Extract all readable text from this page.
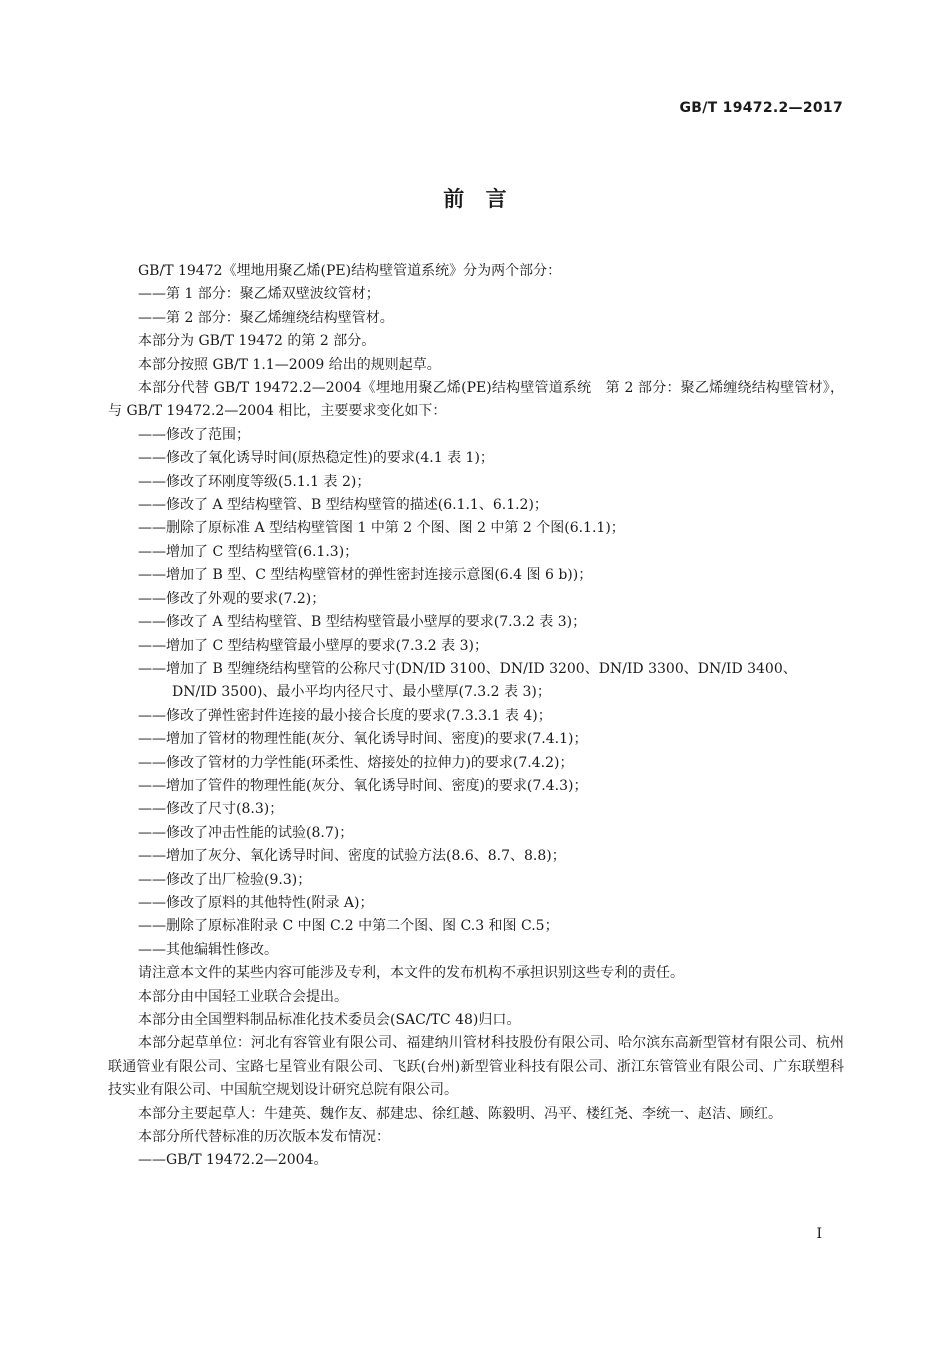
GB/T 19472.2—2017
前　言

GB/T 19472《埋地用聚乙烯(PE)结构壁管道系统》分为两个部分：

——第 1 部分：聚乙烯双壁波纹管材；

——第 2 部分：聚乙烯缠绕结构壁管材。

本部分为 GB/T 19472 的第 2 部分。

本部分按照 GB/T 1.1—2009 给出的规则起草。

本部分代替 GB/T 19472.2—2004《埋地用聚乙烯(PE)结构壁管道系统　第 2 部分：聚乙烯缠绕结构壁管材》，与 GB/T 19472.2—2004 相比，主要要求变化如下：

——修改了范围；

——修改了氧化诱导时间(原热稳定性)的要求(4.1 表 1)；

——修改了环刚度等级(5.1.1 表 2)；

——修改了 A 型结构壁管、B 型结构壁管的描述(6.1.1、6.1.2)；

——删除了原标准 A 型结构壁管图 1 中第 2 个图、图 2 中第 2 个图(6.1.1)；

——增加了 C 型结构壁管(6.1.3)；

——增加了 B 型、C 型结构壁管材的弹性密封连接示意图(6.4 图 6 b))；

——修改了外观的要求(7.2)；

——修改了 A 型结构壁管、B 型结构壁管最小壁厚的要求(7.3.2 表 3)；

——增加了 C 型结构壁管最小壁厚的要求(7.3.2 表 3)；

——增加了 B 型缠绕结构壁管的公称尺寸(DN/ID 3100、DN/ID 3200、DN/ID 3300、DN/ID 3400、

DN/ID 3500)、最小平均内径尺寸、最小壁厚(7.3.2 表 3)；

——修改了弹性密封件连接的最小接合长度的要求(7.3.3.1 表 4)；

——增加了管材的物理性能(灰分、氧化诱导时间、密度)的要求(7.4.1)；

——修改了管材的力学性能(环柔性、熔接处的拉伸力)的要求(7.4.2)；

——增加了管件的物理性能(灰分、氧化诱导时间、密度)的要求(7.4.3)；

——修改了尺寸(8.3)；

——修改了冲击性能的试验(8.7)；

——增加了灰分、氧化诱导时间、密度的试验方法(8.6、8.7、8.8)；

——修改了出厂检验(9.3)；

——修改了原料的其他特性(附录 A)；

——删除了原标准附录 C 中图 C.2 中第二个图、图 C.3 和图 C.5；

——其他编辑性修改。

请注意本文件的某些内容可能涉及专利，本文件的发布机构不承担识别这些专利的责任。

本部分由中国轻工业联合会提出。

本部分由全国塑料制品标准化技术委员会(SAC/TC 48)归口。

本部分起草单位：河北有容管业有限公司、福建纳川管材科技股份有限公司、哈尔滨东高新型管材有限公司、杭州联通管业有限公司、宝路七星管业有限公司、飞跃(台州)新型管业科技有限公司、浙江东管管业有限公司、广东联塑科技实业有限公司、中国航空规划设计研究总院有限公司。

本部分主要起草人：牛建英、魏作友、郝建忠、徐红越、陈毅明、冯平、楼红尧、李统一、赵洁、顾红。

本部分所代替标准的历次版本发布情况：

——GB/T 19472.2—2004。

I
